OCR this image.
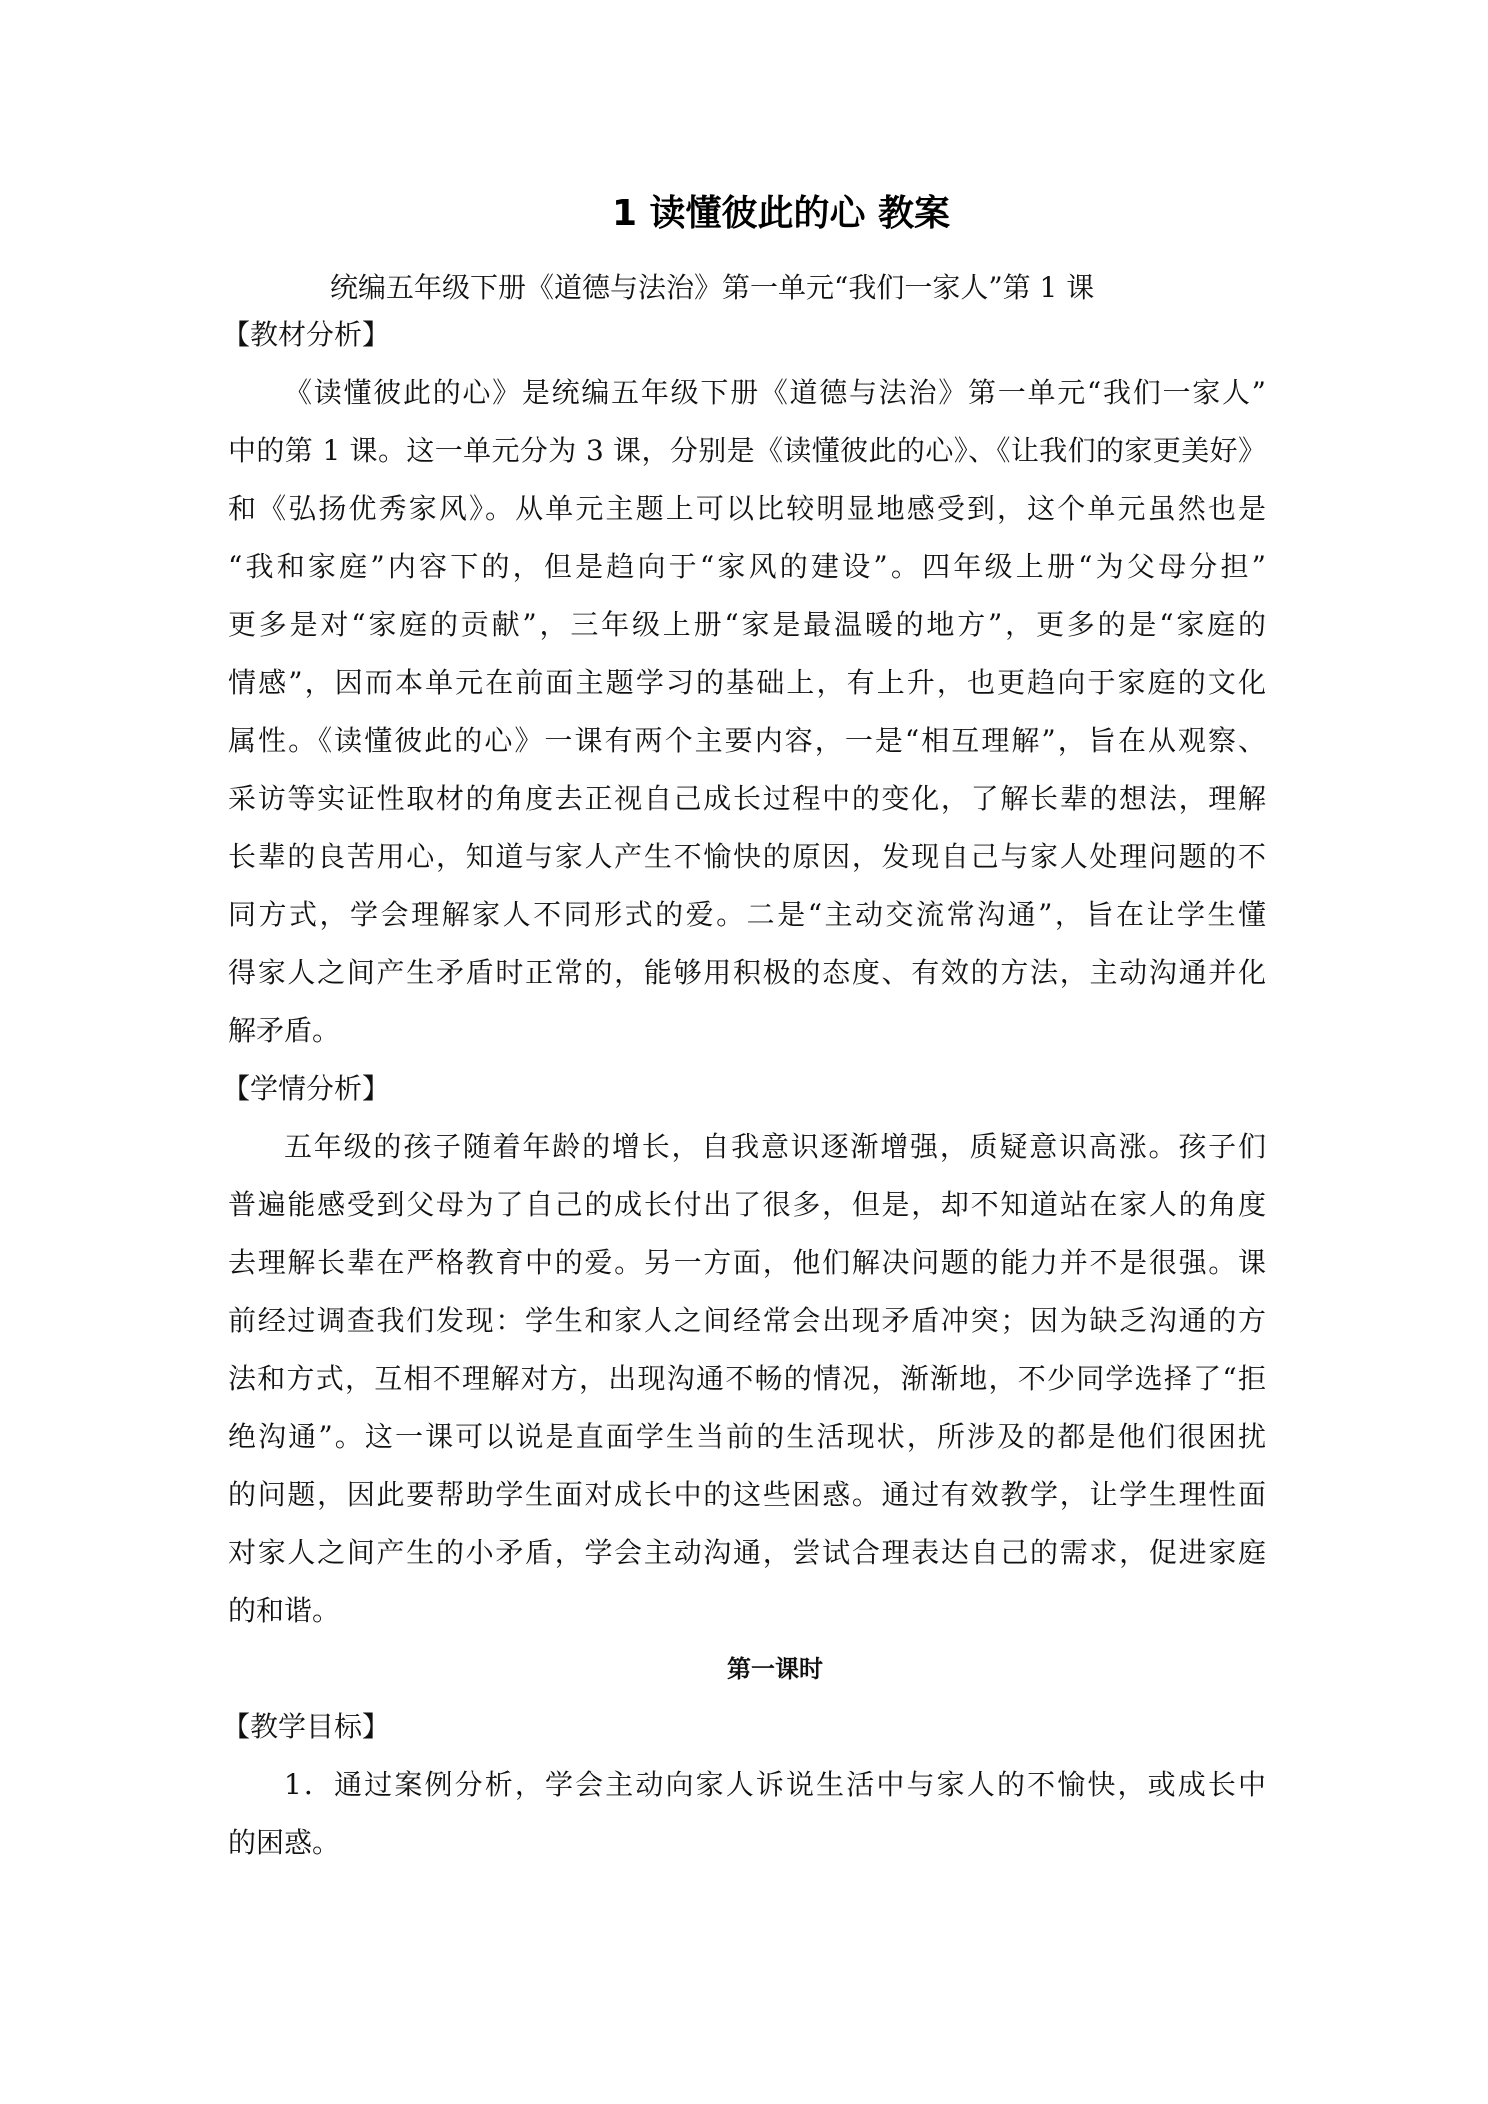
1 读懂彼此的心 教案
统编五年级下册《道德与法治》第一单元“我们一家人”第 1 课
【教材分析】
《读懂彼此的心》是统编五年级下册《道德与法治》第一单元“我们一家人”
中的第 1 课。这一单元分为 3 课，分别是《读懂彼此的心》、《让我们的家更美好》
和《弘扬优秀家风》。从单元主题上可以比较明显地感受到，这个单元虽然也是
“我和家庭”内容下的，但是趋向于“家风的建设”。四年级上册“为父母分担”
更多是对“家庭的贡献”，三年级上册“家是最温暖的地方”，更多的是“家庭的
情感”，因而本单元在前面主题学习的基础上，有上升，也更趋向于家庭的文化
属性。《读懂彼此的心》一课有两个主要内容，一是“相互理解”，旨在从观察、
采访等实证性取材的角度去正视自己成长过程中的变化，了解长辈的想法，理解
长辈的良苦用心，知道与家人产生不愉快的原因，发现自己与家人处理问题的不
同方式，学会理解家人不同形式的爱。二是“主动交流常沟通”，旨在让学生懂
得家人之间产生矛盾时正常的，能够用积极的态度、有效的方法，主动沟通并化
解矛盾。
【学情分析】
五年级的孩子随着年龄的增长，自我意识逐渐增强，质疑意识高涨。孩子们
普遍能感受到父母为了自己的成长付出了很多，但是，却不知道站在家人的角度
去理解长辈在严格教育中的爱。另一方面，他们解决问题的能力并不是很强。课
前经过调查我们发现：学生和家人之间经常会出现矛盾冲突；因为缺乏沟通的方
法和方式，互相不理解对方，出现沟通不畅的情况，渐渐地，不少同学选择了“拒
绝沟通”。这一课可以说是直面学生当前的生活现状，所涉及的都是他们很困扰
的问题，因此要帮助学生面对成长中的这些困惑。通过有效教学，让学生理性面
对家人之间产生的小矛盾，学会主动沟通，尝试合理表达自己的需求，促进家庭
的和谐。
第一课时
【教学目标】
1．通过案例分析，学会主动向家人诉说生活中与家人的不愉快，或成长中
的困惑。
